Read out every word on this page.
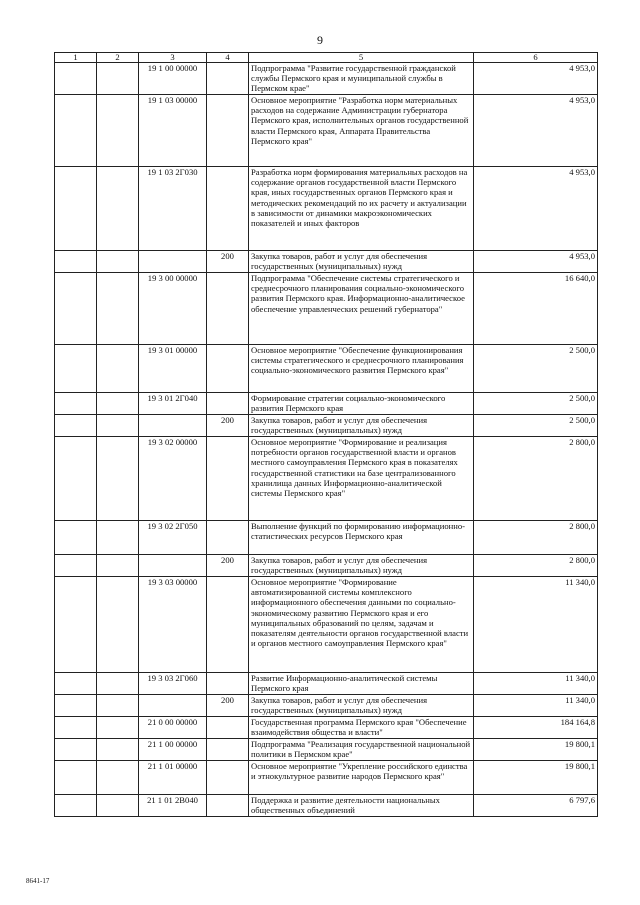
9
1	2	3	4	5	6
		19 1 00 00000		Подпрограмма "Развитие государственной гражданской службы Пермского края и муниципальной службы в Пермском крае"	4 953,0
		19 1 03 00000		Основное мероприятие "Разработка норм материальных расходов на содержание Администрации губернатора Пермского края, исполнительных органов государственной власти Пермского края, Аппарата Правительства Пермского края"	4 953,0
		19 1 03 2Г030		Разработка норм формирования материальных расходов на содержание органов государственной власти Пермского края, иных государственных органов Пермского края и методических рекомендаций по их расчету и актуализации в зависимости от динамики макроэкономических показателей и иных факторов	4 953,0
			200	Закупка товаров, работ и услуг для обеспечения государственных (муниципальных) нужд	4 953,0
		19 3 00 00000		Подпрограмма "Обеспечение системы стратегического и среднесрочного планирования социально-экономического развития Пермского края. Информационно-аналитическое обеспечение управленческих решений губернатора"	16 640,0
		19 3 01 00000		Основное мероприятие "Обеспечение функционирования системы стратегического и среднесрочного планирования социально-экономического развития Пермского края"	2 500,0
		19 3 01 2Г040		Формирование стратегии социально-экономического развития Пермского края	2 500,0
			200	Закупка товаров, работ и услуг для обеспечения государственных (муниципальных) нужд	2 500,0
		19 3 02 00000		Основное мероприятие "Формирование и реализация потребности органов государственной власти и органов местного самоуправления Пермского края в показателях государственной статистики на базе централизованного хранилища данных Информационно-аналитической системы Пермского края"	2 800,0
		19 3 02 2Г050		Выполнение функций по формированию информационно-статистических ресурсов Пермского края	2 800,0
			200	Закупка товаров, работ и услуг для обеспечения государственных (муниципальных) нужд	2 800,0
		19 3 03 00000		Основное мероприятие "Формирование автоматизированной системы комплексного информационного обеспечения данными по социально-экономическому развитию Пермского края и его муниципальных образований по целям, задачам и показателям деятельности органов государственной власти и органов местного самоуправления Пермского края"	11 340,0
		19 3 03 2Г060		Развитие Информационно-аналитической системы Пермского края	11 340,0
			200	Закупка товаров, работ и услуг для обеспечения государственных (муниципальных) нужд	11 340,0
		21 0 00 00000		Государственная программа Пермского края "Обеспечение взаимодействия общества и власти"	184 164,8
		21 1 00 00000		Подпрограмма "Реализация государственной национальной политики в Пермском крае"	19 800,1
		21 1 01 00000		Основное мероприятие "Укрепление российского единства и этнокультурное развитие народов Пермского края"	19 800,1
		21 1 01 2В040		Поддержка и развитие деятельности национальных общественных объединений	6 797,6
8641-17
